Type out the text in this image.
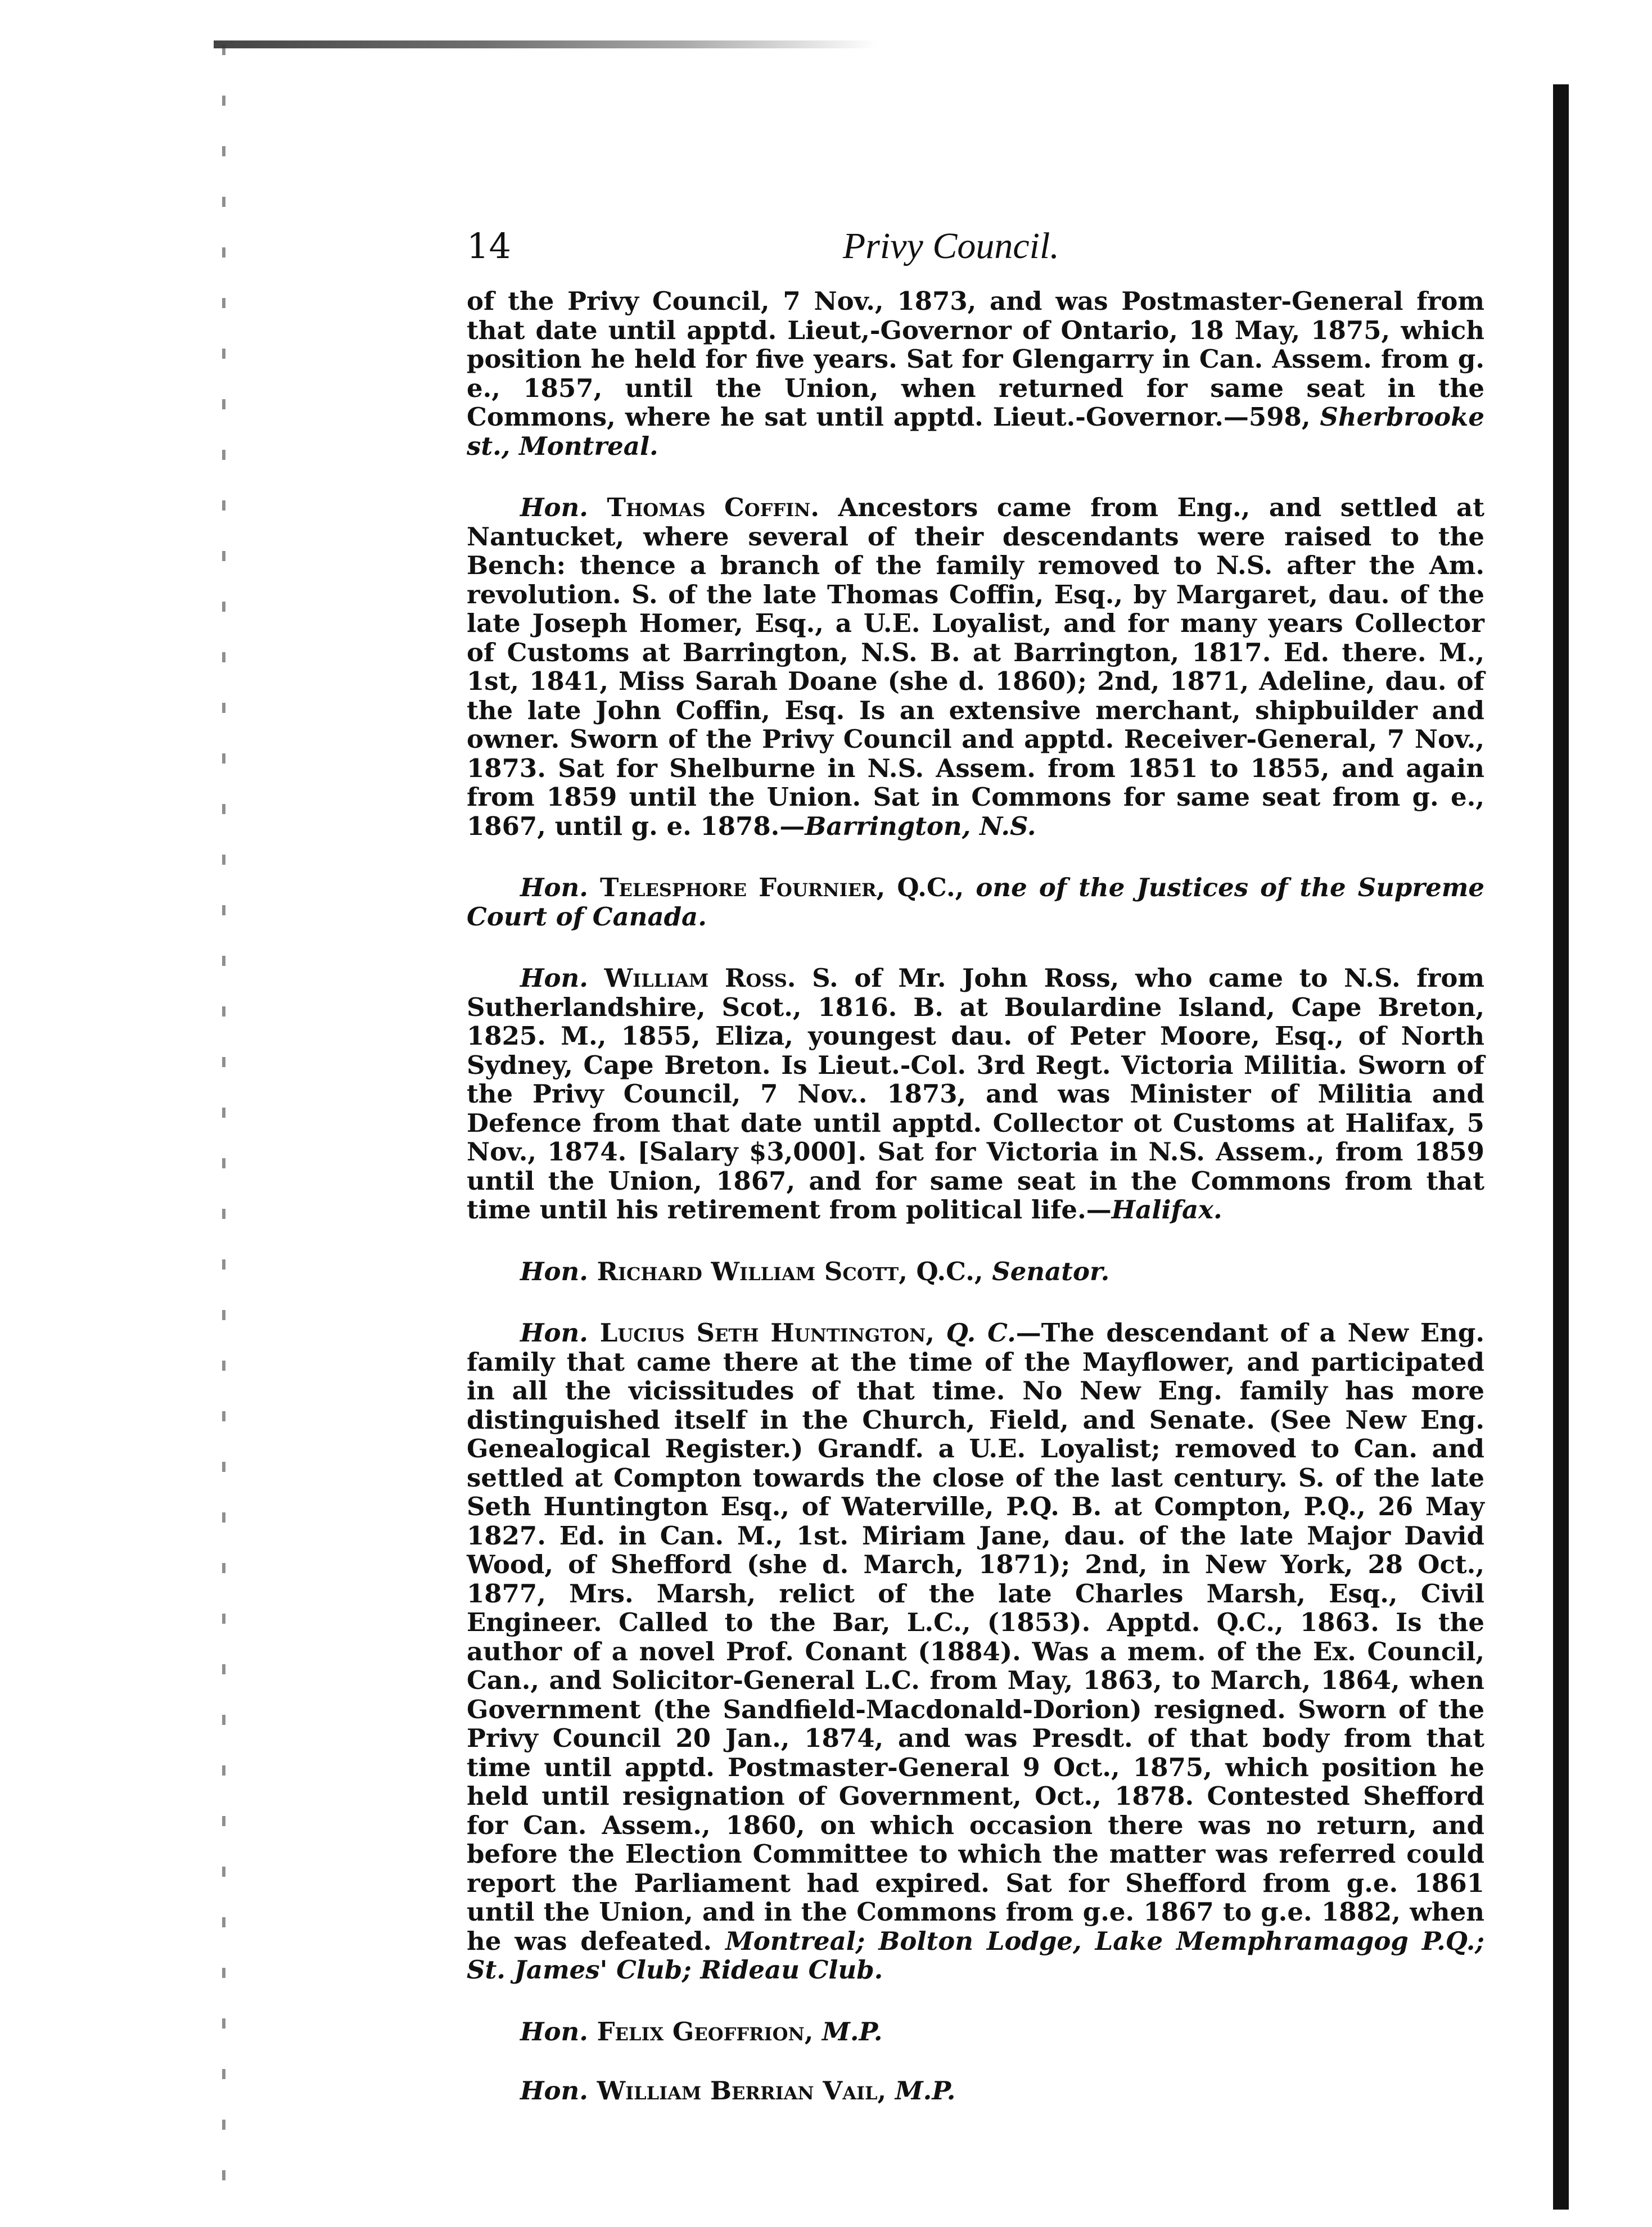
14	Privy Council.

of the Privy Council, 7 Nov., 1873, and was Postmaster-General from that date until apptd. Lieut,-Governor of Ontario, 18 May, 1875, which position he held for five years. Sat for Glengarry in Can. Assem. from g. e., 1857, until the Union, when returned for same seat in the Commons, where he sat until apptd. Lieut.-Governor.—598, Sherbrooke st., Montreal.

Hon. Thomas Coffin. Ancestors came from Eng., and settled at Nantucket, where several of their descendants were raised to the Bench: thence a branch of the family removed to N.S. after the Am. revolution. S. of the late Thomas Coffin, Esq., by Margaret, dau. of the late Joseph Homer, Esq., a U.E. Loyalist, and for many years Collector of Customs at Barrington, N.S. B. at Barrington, 1817. Ed. there. M., 1st, 1841, Miss Sarah Doane (she d. 1860); 2nd, 1871, Adeline, dau. of the late John Coffin, Esq. Is an extensive merchant, shipbuilder and owner. Sworn of the Privy Council and apptd. Receiver-General, 7 Nov., 1873. Sat for Shelburne in N.S. Assem. from 1851 to 1855, and again from 1859 until the Union. Sat in Commons for same seat from g. e., 1867, until g. e. 1878.—Barrington, N.S.

Hon. Telesphore Fournier, Q.C., one of the Justices of the Supreme Court of Canada.

Hon. William Ross. S. of Mr. John Ross, who came to N.S. from Sutherlandshire, Scot., 1816. B. at Boulardine Island, Cape Breton, 1825. M., 1855, Eliza, youngest dau. of Peter Moore, Esq., of North Sydney, Cape Breton. Is Lieut.-Col. 3rd Regt. Victoria Militia. Sworn of the Privy Council, 7 Nov.. 1873, and was Minister of Militia and Defence from that date until apptd. Collector ot Customs at Halifax, 5 Nov., 1874. [Salary $3,000]. Sat for Victoria in N.S. Assem., from 1859 until the Union, 1867, and for same seat in the Commons from that time until his retirement from political life.—Halifax.

Hon. Richard William Scott, Q.C., Senator.

Hon. Lucius Seth Huntington, Q. C.—The descendant of a New Eng. family that came there at the time of the Mayflower, and participated in all the vicissitudes of that time. No New Eng. family has more distinguished itself in the Church, Field, and Senate. (See New Eng. Genealogical Register.) Grandf. a U.E. Loyalist; removed to Can. and settled at Compton towards the close of the last century. S. of the late Seth Huntington Esq., of Waterville, P.Q. B. at Compton, P.Q., 26 May 1827. Ed. in Can. M., 1st. Miriam Jane, dau. of the late Major David Wood, of Shefford (she d. March, 1871); 2nd, in New York, 28 Oct., 1877, Mrs. Marsh, relict of the late Charles Marsh, Esq., Civil Engineer. Called to the Bar, L.C., (1853). Apptd. Q.C., 1863. Is the author of a novel Prof. Conant (1884). Was a mem. of the Ex. Council, Can., and Solicitor-General L.C. from May, 1863, to March, 1864, when Government (the Sandfield-Macdonald-Dorion) resigned. Sworn of the Privy Council 20 Jan., 1874, and was Presdt. of that body from that time until apptd. Postmaster-General 9 Oct., 1875, which position he held until resignation of Government, Oct., 1878. Contested Shefford for Can. Assem., 1860, on which occasion there was no return, and before the Election Committee to which the matter was referred could report the Parliament had expired. Sat for Shefford from g.e. 1861 until the Union, and in the Commons from g.e. 1867 to g.e. 1882, when he was defeated. Montreal; Bolton Lodge, Lake Memphramagog P.Q.; St. James' Club; Rideau Club.

Hon. Felix Geoffrion, M.P.

Hon. William Berrian Vail, M.P.
